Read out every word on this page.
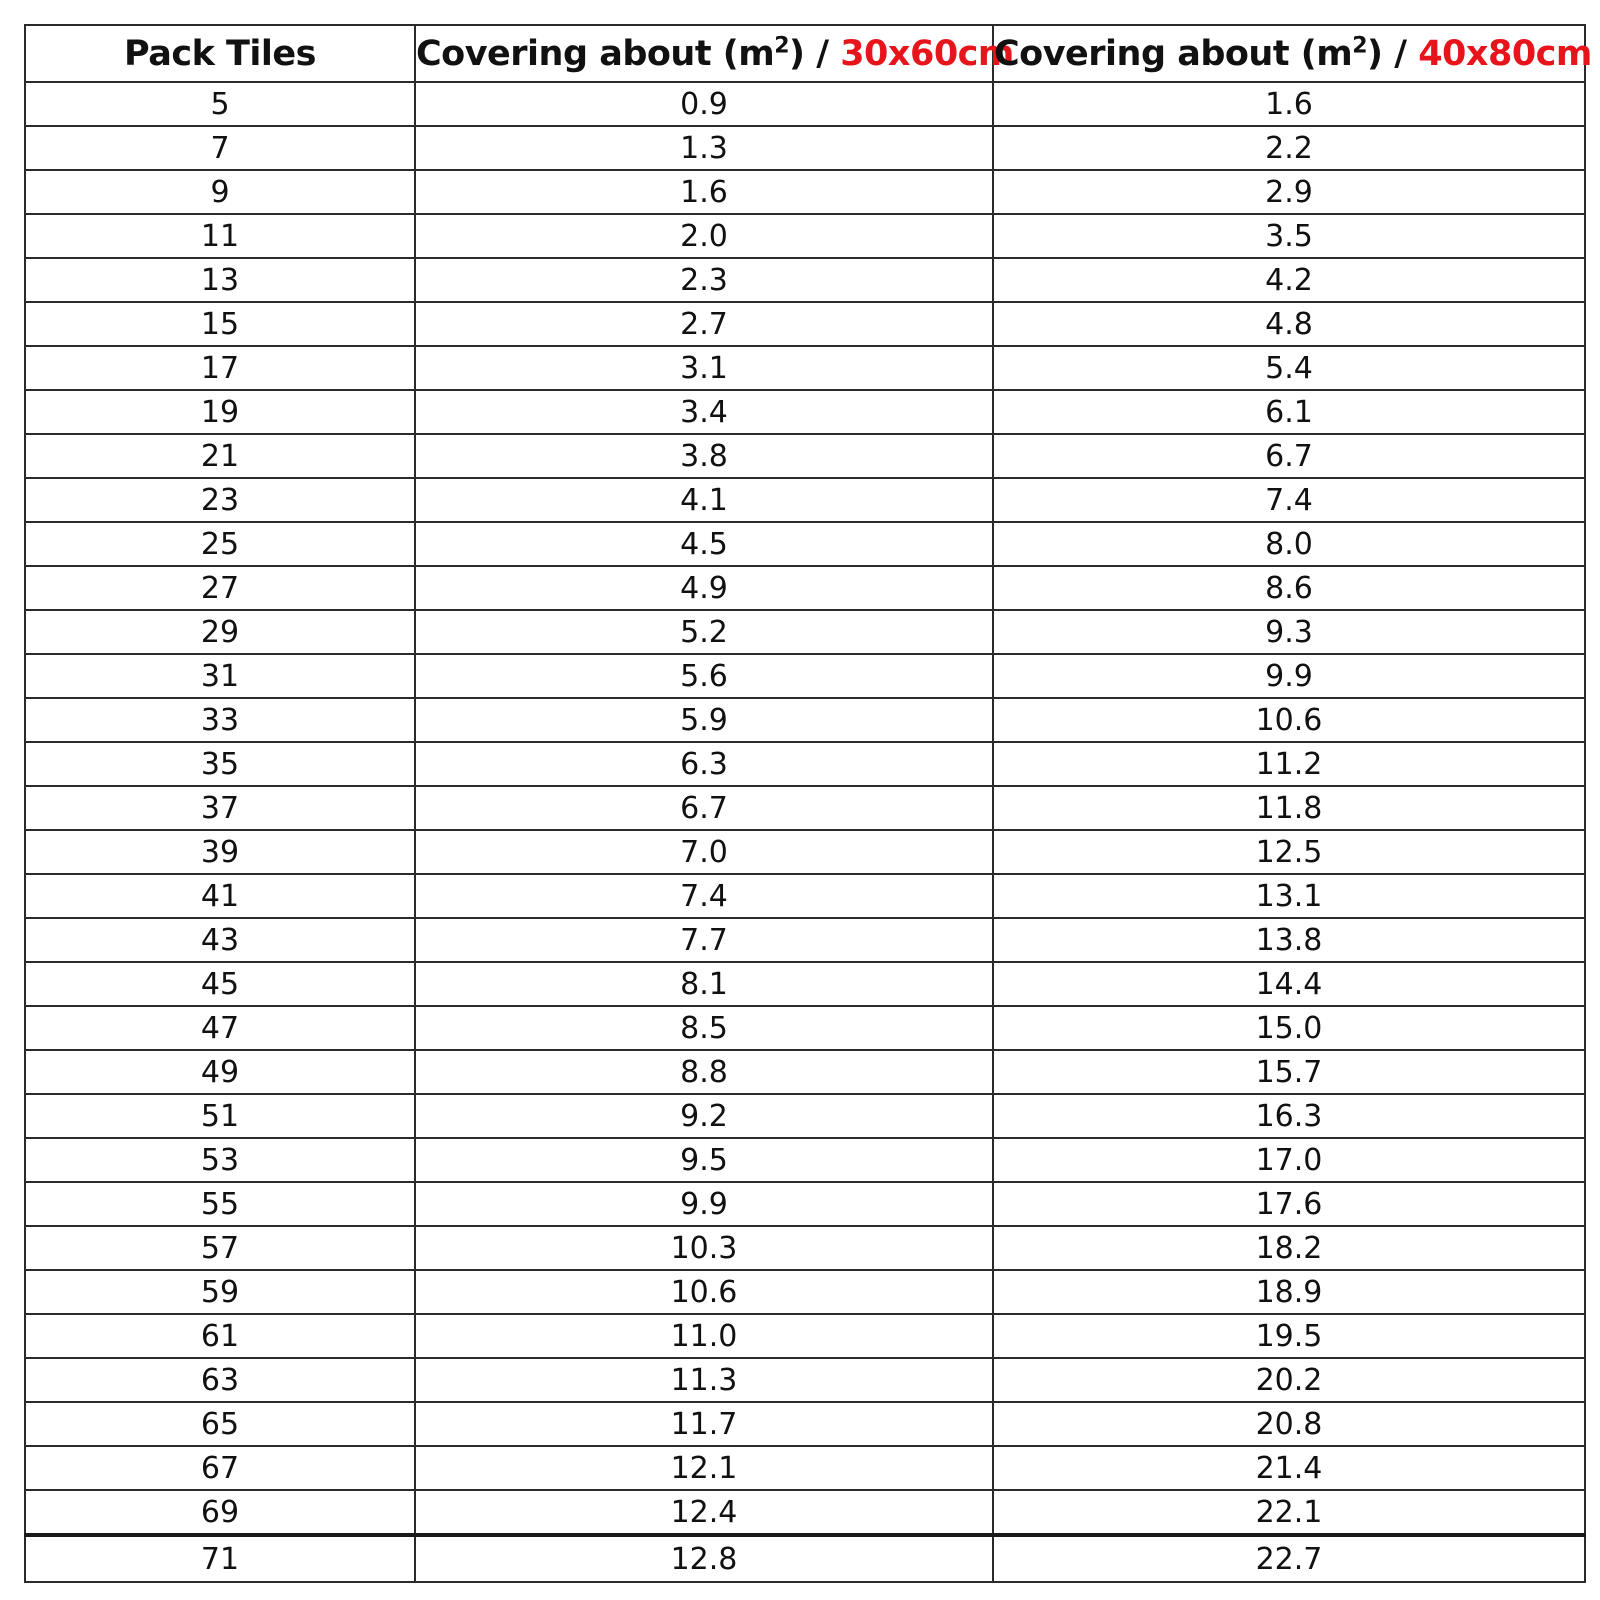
Pack Tiles	Covering about $(m^2) / 30x60cm$	Covering about $(m^2) / 40x80cm$
5	0.9	1.6
7	1.3	2.2
9	1.6	2.9
11	2.0	3.5
13	2.3	4.2
15	2.7	4.8
17	3.1	5.4
19	3.4	6.1
21	3.8	6.7
23	4.1	7.4
25	4.5	8.0
27	4.9	8.6
29	5.2	9.3
31	5.6	9.9
33	5.9	10.6
35	6.3	11.2
37	6.7	11.8
39	7.0	12.5
41	7.4	13.1
43	7.7	13.8
45	8.1	14.4
47	8.5	15.0
49	8.8	15.7
51	9.2	16.3
53	9.5	17.0
55	9.9	17.6
57	10.3	18.2
59	10.6	18.9
61	11.0	19.5
63	11.3	20.2
65	11.7	20.8
67	12.1	21.4
69	12.4	22.1
71	12.8	22.7
